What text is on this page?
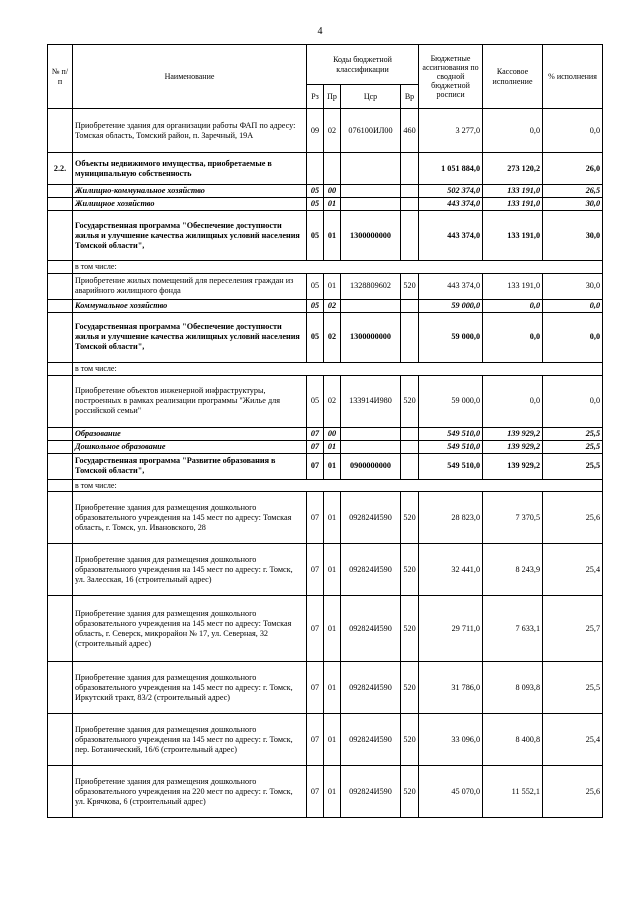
4
№ п/п	Наименование	Коды бюджетной классификации				Бюджетные ассигнования по сводной бюджетной росписи	Кассовое исполнение	% исполнения
		Рз	Пр	Цср	Вр			
	Приобретение здания для организации работы ФАП по адресу: Томская область, Томский район, п. Заречный, 19А	09	02	076100ИЛ00	460	3 277,0	0,0	0,0
2.2.	Объекты недвижимого имущества, приобретаемые в муниципальную собственность					1 051 884,0	273 120,2	26,0
	Жилищно-коммунальное хозяйство	05	00			502 374,0	133 191,0	26,5
	Жилищное хозяйство	05	01			443 374,0	133 191,0	30,0
	Государственная программа "Обеспечение доступности жилья и улучшение качества жилищных условий населения Томской области",	05	01	1300000000		443 374,0	133 191,0	30,0
	в том числе:							
	Приобретение жилых помещений для переселения граждан из аварийного жилищного фонда	05	01	1328809602	520	443 374,0	133 191,0	30,0
	Коммунальное хозяйство	05	02			59 000,0	0,0	0,0
	Государственная программа "Обеспечение доступности жилья и улучшение качества жилищных условий населения Томской области",	05	02	1300000000		59 000,0	0,0	0,0
	в том числе:							
	Приобретение объектов инженерной инфраструктуры, построенных в рамках реализации программы "Жилье для российской семьи"	05	02	133914И980	520	59 000,0	0,0	0,0
	Образование	07	00			549 510,0	139 929,2	25,5
	Дошкольное образование	07	01			549 510,0	139 929,2	25,5
	Государственная программа "Развитие образования в Томской области",	07	01	0900000000		549 510,0	139 929,2	25,5
	в том числе:							
	Приобретение здания для размещения дошкольного образовательного учреждения на 145 мест по адресу: Томская область, г. Томск, ул. Ивановского, 28	07	01	092824И590	520	28 823,0	7 370,5	25,6
	Приобретение здания для размещения дошкольного образовательного учреждения на 145 мест по адресу: г. Томск, ул. Залесская, 16 (строительный адрес)	07	01	092824И590	520	32 441,0	8 243,9	25,4
	Приобретение здания для размещения дошкольного образовательного учреждения на 145 мест по адресу: Томская область, г. Северск, микрорайон № 17, ул. Северная, 32 (строительный адрес)	07	01	092824И590	520	29 711,0	7 633,1	25,7
	Приобретение здания для размещения дошкольного образовательного учреждения на 145 мест по адресу: г. Томск, Иркутский тракт, 83/2 (строительный адрес)	07	01	092824И590	520	31 786,0	8 093,8	25,5
	Приобретение здания для размещения дошкольного образовательного учреждения на 145 мест по адресу: г. Томск, пер. Ботанический, 16/6 (строительный адрес)	07	01	092824И590	520	33 096,0	8 400,8	25,4
	Приобретение здания для размещения дошкольного образовательного учреждения на 220 мест по адресу: г. Томск, ул. Крячкова, 6 (строительный адрес)	07	01	092824И590	520	45 070,0	11 552,1	25,6
